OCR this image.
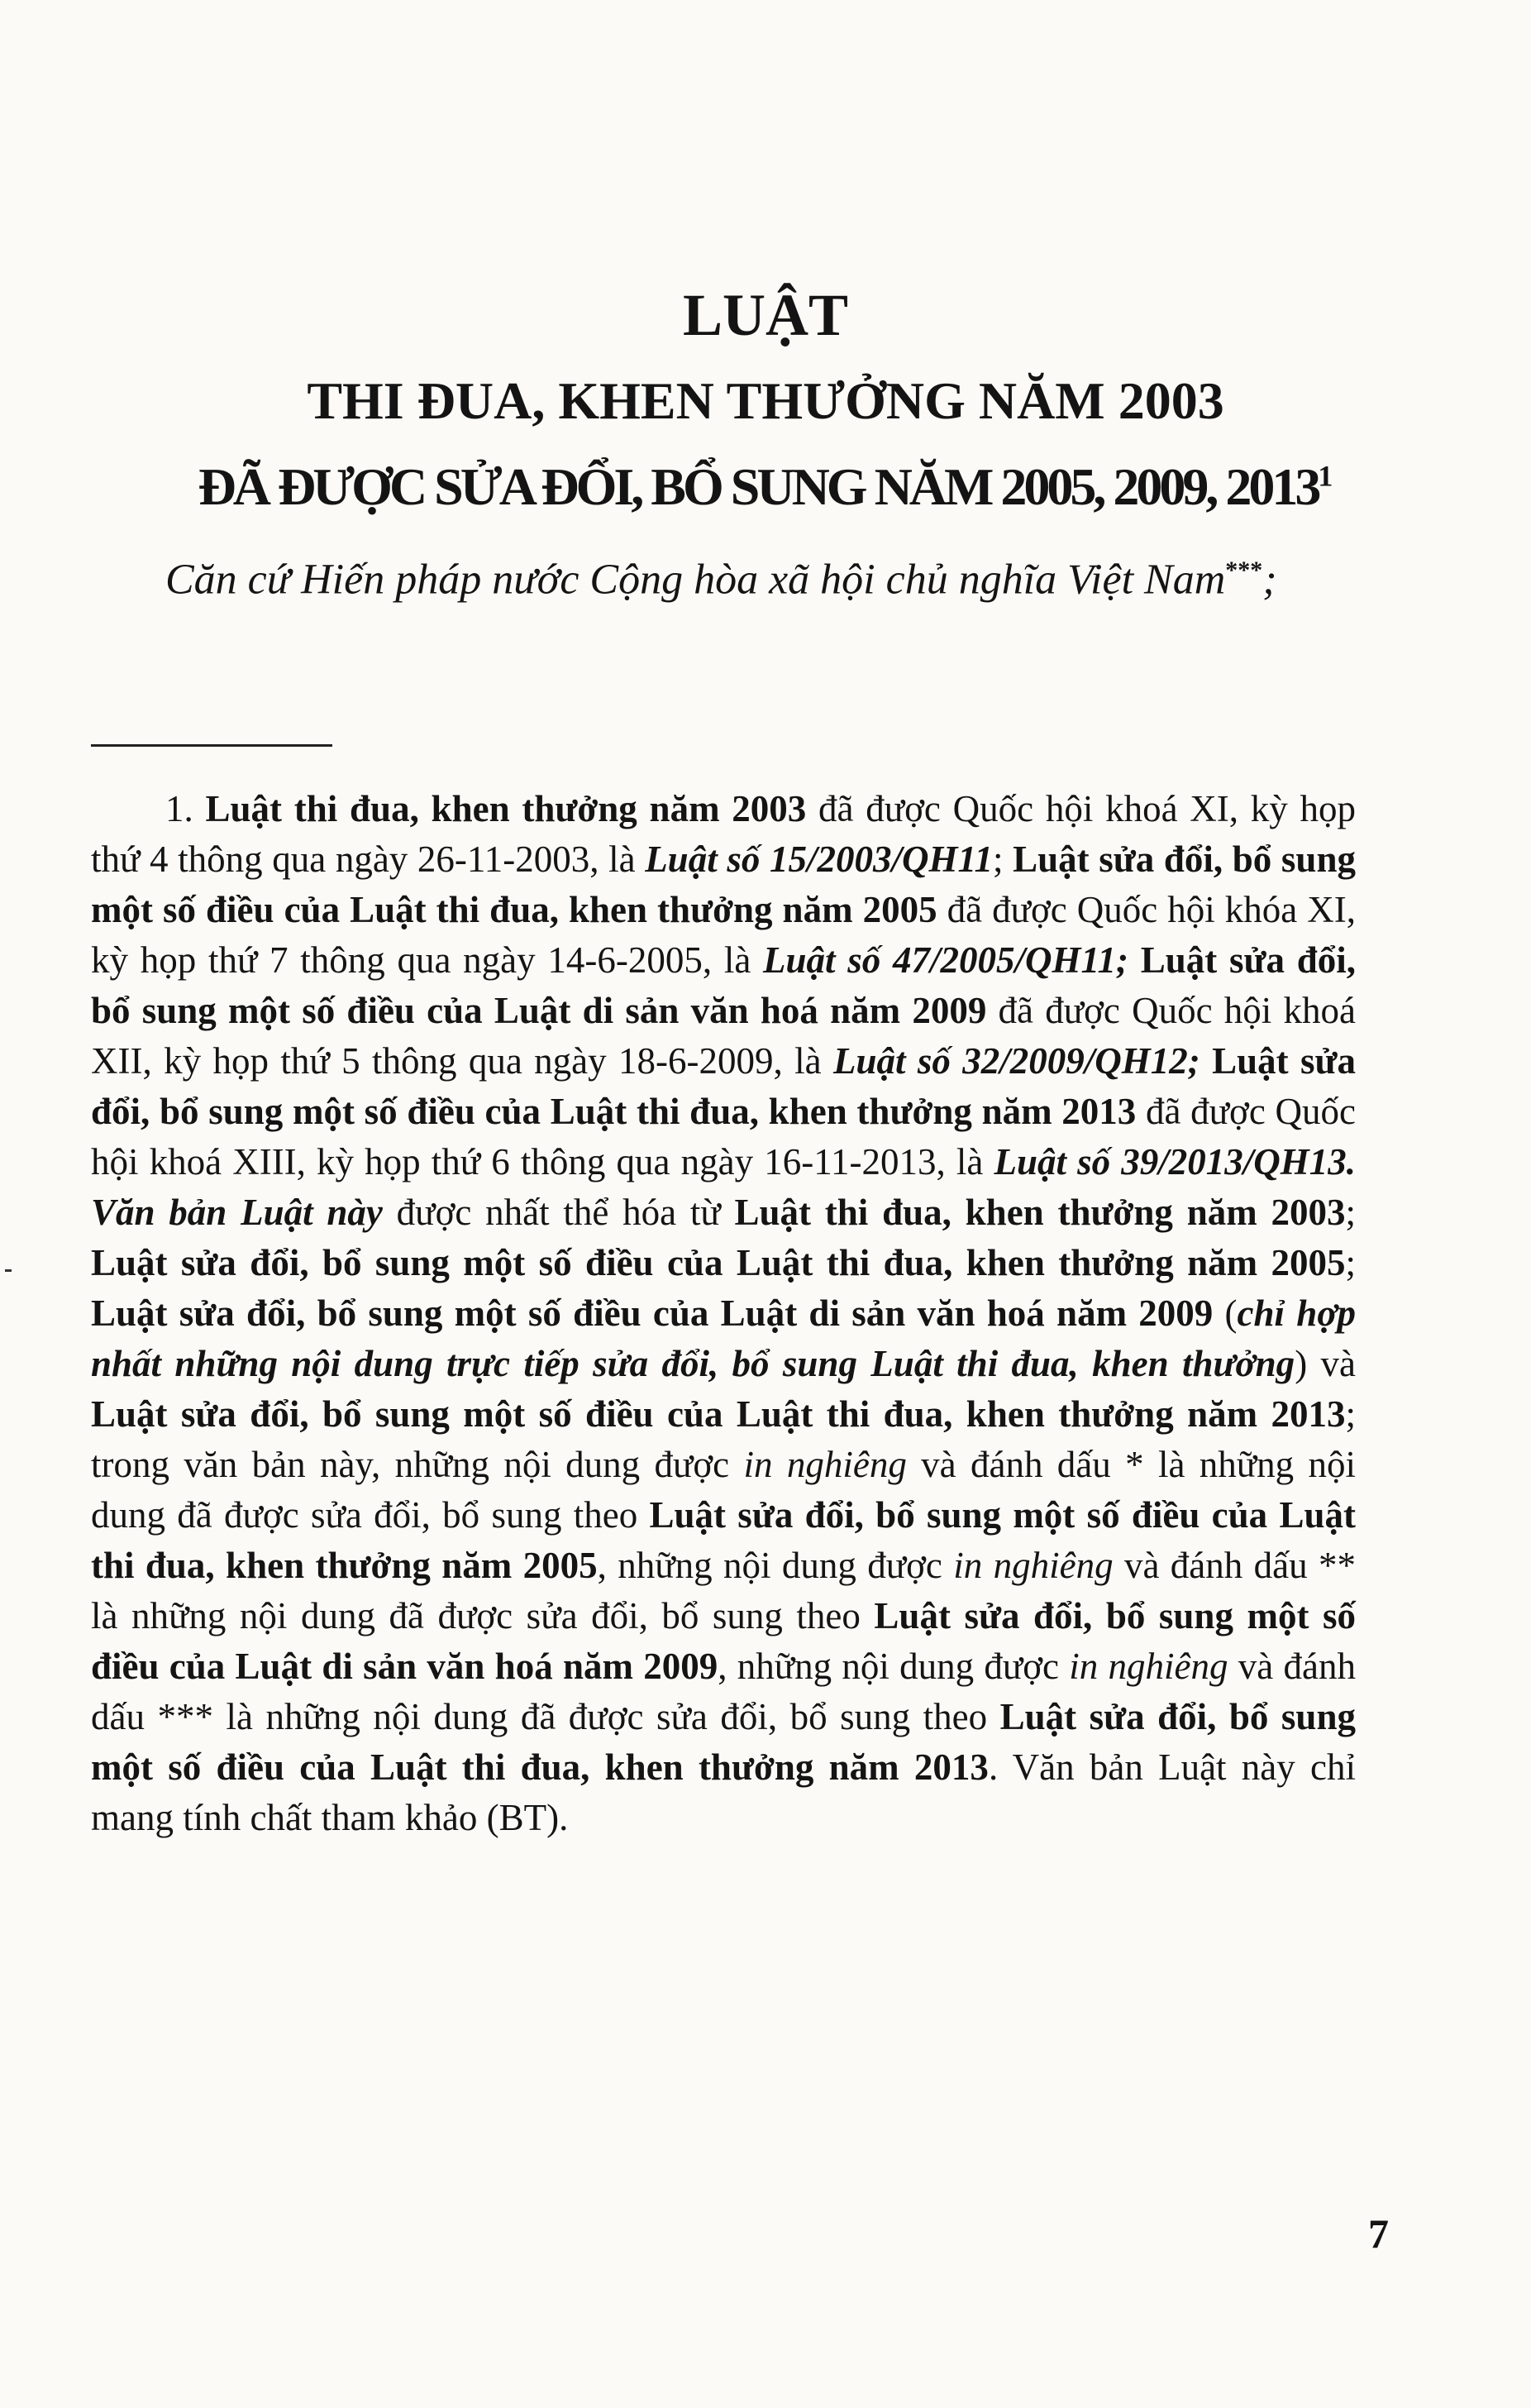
LUẬT
THI ĐUA, KHEN THƯỞNG NĂM 2003
ĐÃ ĐƯỢC SỬA ĐỔI, BỔ SUNG NĂM 2005, 2009, 2013$^1$
Căn cứ Hiến pháp nước Cộng hòa xã hội chủ nghĩa Việt Nam***;

1. Luật thi đua, khen thưởng năm 2003 đã được Quốc hội khoá XI, kỳ họp thứ 4 thông qua ngày 26-11-2003, là Luật số 15/2003/QH11; Luật sửa đổi, bổ sung một số điều của Luật thi đua, khen thưởng năm 2005 đã được Quốc hội khóa XI, kỳ họp thứ 7 thông qua ngày 14-6-2005, là Luật số 47/2005/QH11; Luật sửa đổi, bổ sung một số điều của Luật di sản văn hoá năm 2009 đã được Quốc hội khoá XII, kỳ họp thứ 5 thông qua ngày 18-6-2009, là Luật số 32/2009/QH12; Luật sửa đổi, bổ sung một số điều của Luật thi đua, khen thưởng năm 2013 đã được Quốc hội khoá XIII, kỳ họp thứ 6 thông qua ngày 16-11-2013, là Luật số 39/2013/QH13. Văn bản Luật này được nhất thể hóa từ Luật thi đua, khen thưởng năm 2003; Luật sửa đổi, bổ sung một số điều của Luật thi đua, khen thưởng năm 2005; Luật sửa đổi, bổ sung một số điều của Luật di sản văn hoá năm 2009 (chỉ hợp nhất những nội dung trực tiếp sửa đổi, bổ sung Luật thi đua, khen thưởng) và Luật sửa đổi, bổ sung một số điều của Luật thi đua, khen thưởng năm 2013; trong văn bản này, những nội dung được in nghiêng và đánh dấu * là những nội dung đã được sửa đổi, bổ sung theo Luật sửa đổi, bổ sung một số điều của Luật thi đua, khen thưởng năm 2005, những nội dung được in nghiêng và đánh dấu ** là những nội dung đã được sửa đổi, bổ sung theo Luật sửa đổi, bổ sung một số điều của Luật di sản văn hoá năm 2009, những nội dung được in nghiêng và đánh dấu *** là những nội dung đã được sửa đổi, bổ sung theo Luật sửa đổi, bổ sung một số điều của Luật thi đua, khen thưởng năm 2013. Văn bản Luật này chỉ mang tính chất tham khảo (BT).

7
